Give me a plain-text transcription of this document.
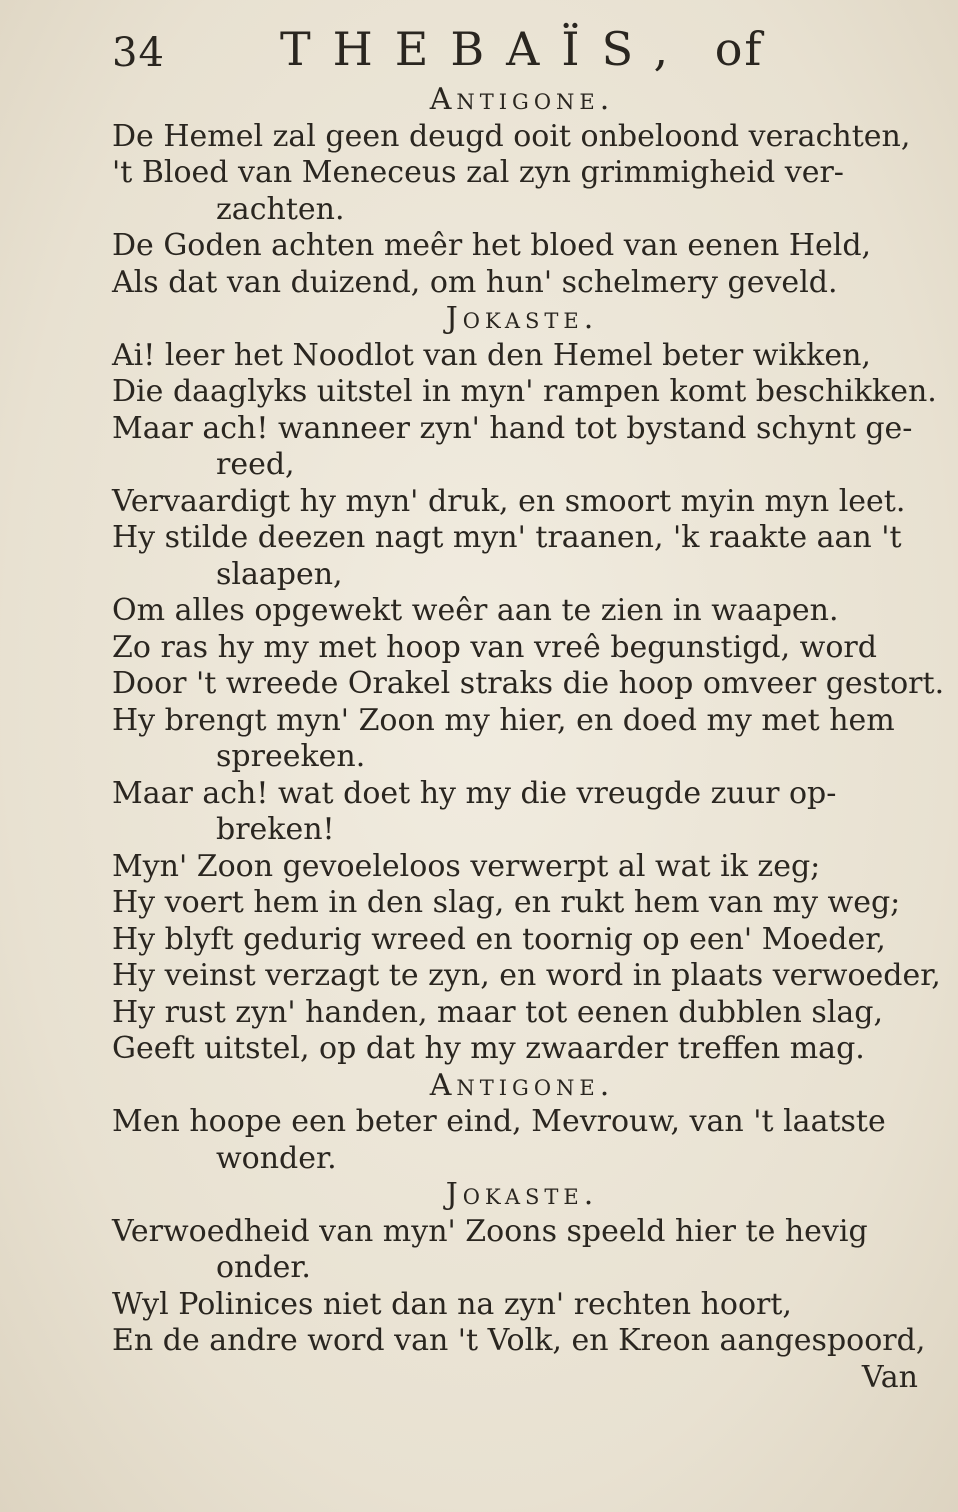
34	THEBAÏS, of
Antigone.
De Hemel zal geen deugd ooit onbeloond verachten,
't Bloed van Meneceus zal zyn grimmigheid ver-
zachten.
De Goden achten meêr het bloed van eenen Held,
Als dat van duizend, om hun' schelmery geveld.
Jokaste.
Ai! leer het Noodlot van den Hemel beter wikken,
Die daaglyks uitstel in myn' rampen komt beschikken.
Maar ach! wanneer zyn' hand tot bystand schynt ge-
reed,
Vervaardigt hy myn' druk, en smoort myin myn leet.
Hy stilde deezen nagt myn' traanen, 'k raakte aan 't
slaapen,
Om alles opgewekt weêr aan te zien in waapen.
Zo ras hy my met hoop van vreê begunstigd, word
Door 't wreede Orakel straks die hoop omveer gestort.
Hy brengt myn' Zoon my hier, en doed my met hem
spreeken.
Maar ach! wat doet hy my die vreugde zuur op-
breken!
Myn' Zoon gevoeleloos verwerpt al wat ik zeg;
Hy voert hem in den slag, en rukt hem van my weg;
Hy blyft gedurig wreed en toornig op een' Moeder,
Hy veinst verzagt te zyn, en word in plaats verwoeder,
Hy rust zyn' handen, maar tot eenen dubblen slag,
Geeft uitstel, op dat hy my zwaarder treffen mag.
Antigone.
Men hoope een beter eind, Mevrouw, van 't laatste
wonder.
Jokaste.
Verwoedheid van myn' Zoons speeld hier te hevig
onder.
Wyl Polinices niet dan na zyn' rechten hoort,
En de andre word van 't Volk, en Kreon aangespoord,
Van
